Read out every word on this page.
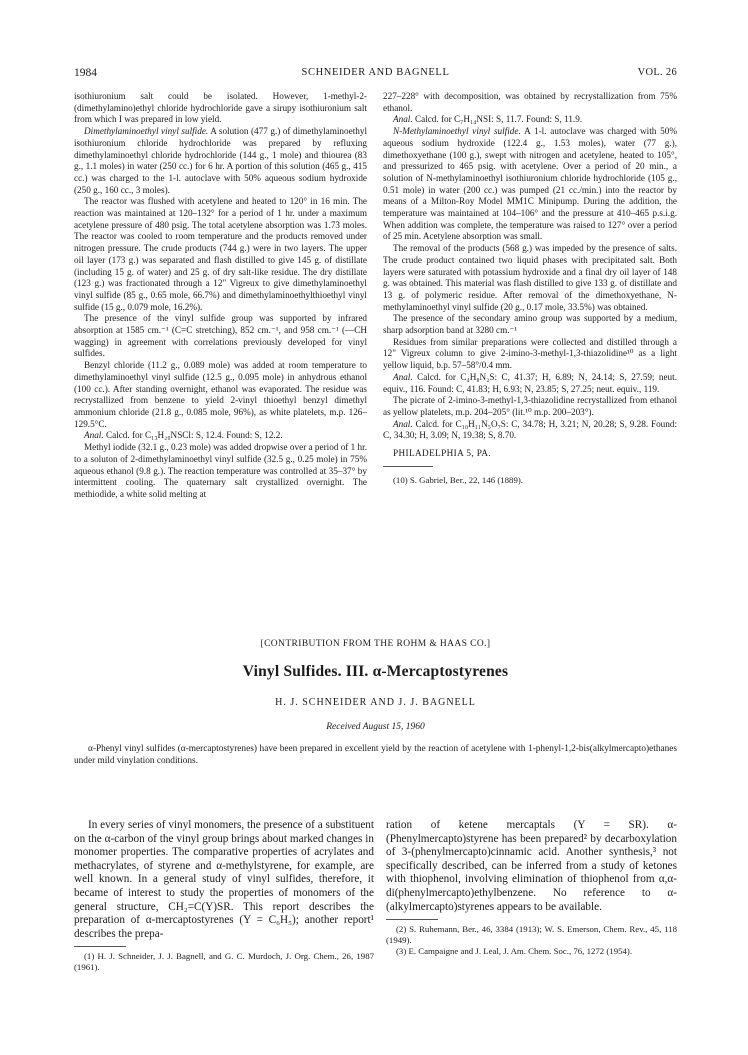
1984	SCHNEIDER AND BAGNELL	VOL. 26

isothiuronium salt could be isolated. However, 1-methyl-2-(dimethylamino)ethyl chloride hydrochloride gave a sirupy isothiuronium salt from which I was prepared in low yield.

Dimethylaminoethyl vinyl sulfide. A solution (477 g.) of dimethylaminoethyl isothiuronium chloride hydrochloride was prepared by refluxing dimethylaminoethyl chloride hydrochloride (144 g., 1 mole) and thiourea (83 g., 1.1 moles) in water (250 cc.) for 6 hr. A portion of this solution (465 g., 415 cc.) was charged to the 1-l. autoclave with 50% aqueous sodium hydroxide (250 g., 160 cc., 3 moles).

The reactor was flushed with acetylene and heated to 120° in 16 min. The reaction was maintained at 120–132° for a period of 1 hr. under a maximum acetylene pressure of 480 psig. The total acetylene absorption was 1.73 moles. The reactor was cooled to room temperature and the products removed under nitrogen pressure. The crude products (744 g.) were in two layers. The upper oil layer (173 g.) was separated and flash distilled to give 145 g. of distillate (including 15 g. of water) and 25 g. of dry salt-like residue. The dry distillate (123 g.) was fractionated through a 12" Vigreux to give dimethylaminoethyl vinyl sulfide (85 g., 0.65 mole, 66.7%) and dimethylaminoethylthioethyl vinyl sulfide (15 g., 0.079 mole, 16.2%).

The presence of the vinyl sulfide group was supported by infrared absorption at 1585 cm.⁻¹ (C=C stretching), 852 cm.⁻¹, and 958 cm.⁻¹ (—CH wagging) in agreement with correlations previously developed for vinyl sulfides.

Benzyl chloride (11.2 g., 0.089 mole) was added at room temperature to dimethylaminoethyl vinyl sulfide (12.5 g., 0.095 mole) in anhydrous ethanol (100 cc.). After standing overnight, ethanol was evaporated. The residue was recrystallized from benzene to yield 2-vinyl thioethyl benzyl dimethyl ammonium chloride (21.8 g., 0.085 mole, 96%), as white platelets, m.p. 126–129.5°C.

Anal. Calcd. for C₁₃H₂₀NSCl: S, 12.4. Found: S, 12.2.

Methyl iodide (32.1 g., 0.23 mole) was added dropwise over a period of 1 hr. to a soluton of 2-dimethylaminoethyl vinyl sulfide (32.5 g., 0.25 mole) in 75% aqueous ethanol (9.8 g.). The reaction temperature was controlled at 35–37° by intermittent cooling. The quaternary salt crystallized overnight. The methiodide, a white solid melting at

227–228° with decomposition, was obtained by recrystallization from 75% ethanol.

Anal. Calcd. for C₇H₁₄NSI: S, 11.7. Found: S, 11.9.

N-Methylaminoethyl vinyl sulfide. A 1-l. autoclave was charged with 50% aqueous sodium hydroxide (122.4 g., 1.53 moles), water (77 g.), dimethoxyethane (100 g.), swept with nitrogen and acetylene, heated to 105°, and pressurized to 465 psig. with acetylene. Over a period of 20 min., a solution of N-methylaminoethyl isothiuronium chloride hydrochloride (105 g., 0.51 mole) in water (200 cc.) was pumped (21 cc./min.) into the reactor by means of a Milton-Roy Model MM1C Minipump. During the addition, the temperature was maintained at 104–106° and the pressure at 410–465 p.s.i.g. When addition was complete, the temperature was raised to 127° over a period of 25 min. Acetylene absorption was small.

The removal of the products (568 g.) was impeded by the presence of salts. The crude product contained two liquid phases with precipitated salt. Both layers were saturated with potassium hydroxide and a final dry oil layer of 148 g. was obtained. This material was flash distilled to give 133 g. of distillate and 13 g. of polymeric residue. After removal of the dimethoxyethane, N-methylaminoethyl vinyl sulfide (20 g., 0.17 mole, 33.5%) was obtained.

The presence of the secondary amino group was supported by a medium, sharp adsorption band at 3280 cm.⁻¹

Residues from similar preparations were collected and distilled through a 12" Vigreux column to give 2-imino-3-methyl-1,3-thiazolidine¹⁰ as a light yellow liquid, b.p. 57–58°/0.4 mm.

Anal. Calcd. for C₄H₈N₂S: C, 41.37; H, 6.89; N, 24.14; S, 27.59; neut. equiv., 116. Found: C, 41.83; H, 6.93; N, 23.85; S, 27.25; neut. equiv., 119.

The picrate of 2-imino-3-methyl-1,3-thiazolidine recrystallized from ethanol as yellow platelets, m.p. 204–205° (lit.¹⁰ m.p. 200–203°).

Anal. Calcd. for C₁₀H₁₁N₅O₇S: C, 34.78; H, 3.21; N, 20.28; S, 9.28. Found: C, 34.30; H, 3.09; N, 19.38; S, 8.70.

PHILADELPHIA 5, PA.

(10) S. Gabriel, Ber., 22, 146 (1889).

[CONTRIBUTION FROM THE ROHM & HAAS CO.]
Vinyl Sulfides. III. α-Mercaptostyrenes
H. J. SCHNEIDER AND J. J. BAGNELL
Received August 15, 1960
α-Phenyl vinyl sulfides (α-mercaptostyrenes) have been prepared in excellent yield by the reaction of acetylene with 1-phenyl-1,2-bis(alkylmercapto)ethanes under mild vinylation conditions.

In every series of vinyl monomers, the presence of a substituent on the α-carbon of the vinyl group brings about marked changes in monomer properties. The comparative properties of acrylates and methacrylates, of styrene and α-methylstyrene, for example, are well known. In a general study of vinyl sulfides, therefore, it became of interest to study the properties of monomers of the general structure, CH₂=C(Y)SR. This report describes the preparation of α-mercaptostyrenes (Y = C₆H₅); another report¹ describes the prepa-

(1) H. J. Schneider, J. J. Bagnell, and G. C. Murdoch, J. Org. Chem., 26, 1987 (1961).

ration of ketene mercaptals (Y = SR). α-(Phenylmercapto)styrene has been prepared² by decarboxylation of 3-(phenylmercapto)cinnamic acid. Another synthesis,³ not specifically described, can be inferred from a study of ketones with thiophenol, involving elimination of thiophenol from α,α-di(phenylmercapto)ethylbenzene. No reference to α-(alkylmercapto)styrenes appears to be available.

(2) S. Ruhemann, Ber., 46, 3384 (1913); W. S. Emerson, Chem. Rev., 45, 118 (1949).

(3) E. Campaigne and J. Leal, J. Am. Chem. Soc., 76, 1272 (1954).
